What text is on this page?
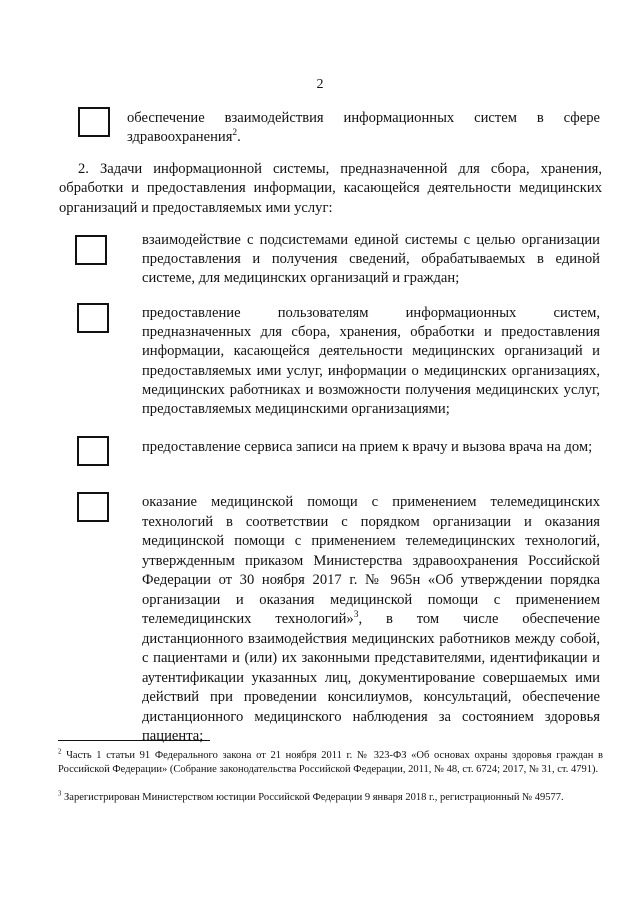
2
обеспечение взаимодействия информационных систем в сфере здравоохранения$^2$.
2. Задачи информационной системы, предназначенной для сбора, хранения, обработки и предоставления информации, касающейся деятельности медицинских организаций и предоставляемых ими услуг:
взаимодействие с подсистемами единой системы с целью организации предоставления и получения сведений, обрабатываемых в единой системе, для медицинских организаций и граждан;
предоставление пользователям информационных систем, предназначенных для сбора, хранения, обработки и предоставления информации, касающейся деятельности медицинских организаций и предоставляемых ими услуг, информации о медицинских организациях, медицинских работниках и возможности получения медицинских услуг, предоставляемых медицинскими организациями;
предоставление сервиса записи на прием к врачу и вызова врача на дом;
оказание медицинской помощи с применением телемедицинских технологий в соответствии с порядком организации и оказания медицинской помощи с применением телемедицинских технологий, утвержденным приказом Министерства здравоохранения Российской Федерации от 30 ноября 2017 г. № 965н «Об утверждении порядка организации и оказания медицинской помощи с применением телемедицинских технологий»$^3$, в том числе обеспечение дистанционного взаимодействия медицинских работников между собой, с пациентами и (или) их законными представителями, идентификации и аутентификации указанных лиц, документирование совершаемых ими действий при проведении консилиумов, консультаций, обеспечение дистанционного медицинского наблюдения за состоянием здоровья пациента;
$^2$ Часть 1 статьи 91 Федерального закона от 21 ноября 2011 г. № 323-ФЗ «Об основах охраны здоровья граждан в Российской Федерации» (Собрание законодательства Российской Федерации, 2011, № 48, ст. 6724; 2017, № 31, ст. 4791).
$^3$ Зарегистрирован Министерством юстиции Российской Федерации 9 января 2018 г., регистрационный № 49577.
